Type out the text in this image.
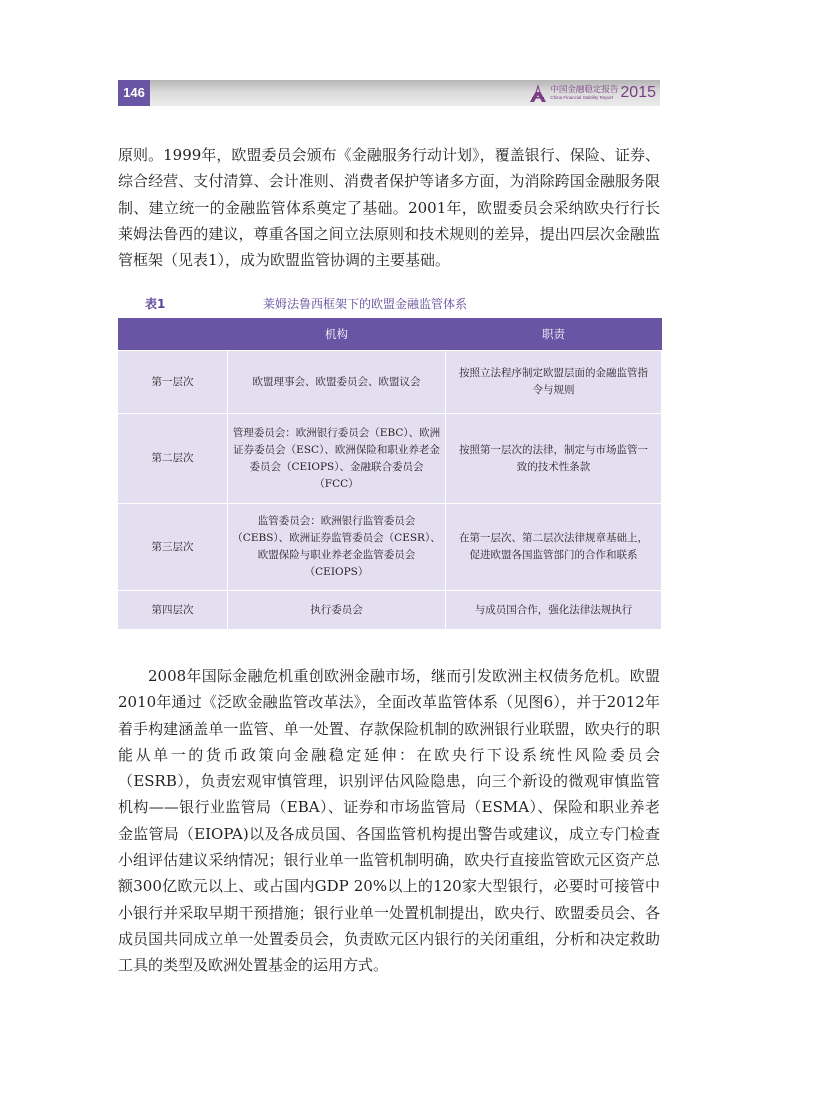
146	中国金融稳定报告
China Financial Stability Report 2015

原则。1999年，欧盟委员会颁布《金融服务行动计划》，覆盖银行、保险、证券、综合经营、支付清算、会计准则、消费者保护等诸多方面，为消除跨国金融服务限制、建立统一的金融监管体系奠定了基础。2001年，欧盟委员会采纳欧央行行长莱姆法鲁西的建议，尊重各国之间立法原则和技术规则的差异，提出四层次金融监管框架（见表1），成为欧盟监管协调的主要基础。

表1	莱姆法鲁西框架下的欧盟金融监管体系
	机构	职责
第一层次	欧盟理事会、欧盟委员会、欧盟议会	按照立法程序制定欧盟层面的金融监管指令与规则
第二层次	管理委员会：欧洲银行委员会（EBC）、欧洲证券委员会（ESC）、欧洲保险和职业养老金委员会（CEIOPS）、金融联合委员会（FCC）	按照第一层次的法律，制定与市场监管一致的技术性条款
第三层次	监管委员会：欧洲银行监管委员会（CEBS）、欧洲证券监管委员会（CESR）、欧盟保险与职业养老金监管委员会（CEIOPS）	在第一层次、第二层次法律规章基础上，促进欧盟各国监管部门的合作和联系
第四层次	执行委员会	与成员国合作，强化法律法规执行

2008年国际金融危机重创欧洲金融市场，继而引发欧洲主权债务危机。欧盟2010年通过《泛欧金融监管改革法》，全面改革监管体系（见图6），并于2012年着手构建涵盖单一监管、单一处置、存款保险机制的欧洲银行业联盟，欧央行的职能从单一的货币政策向金融稳定延伸：在欧央行下设系统性风险委员会（ESRB），负责宏观审慎管理，识别评估风险隐患，向三个新设的微观审慎监管机构——银行业监管局（EBA）、证券和市场监管局（ESMA）、保险和职业养老金监管局（EIOPA)以及各成员国、各国监管机构提出警告或建议，成立专门检查小组评估建议采纳情况；银行业单一监管机制明确，欧央行直接监管欧元区资产总额300亿欧元以上、或占国内GDP 20%以上的120家大型银行，必要时可接管中小银行并采取早期干预措施；银行业单一处置机制提出，欧央行、欧盟委员会、各成员国共同成立单一处置委员会，负责欧元区内银行的关闭重组，分析和决定救助工具的类型及欧洲处置基金的运用方式。
